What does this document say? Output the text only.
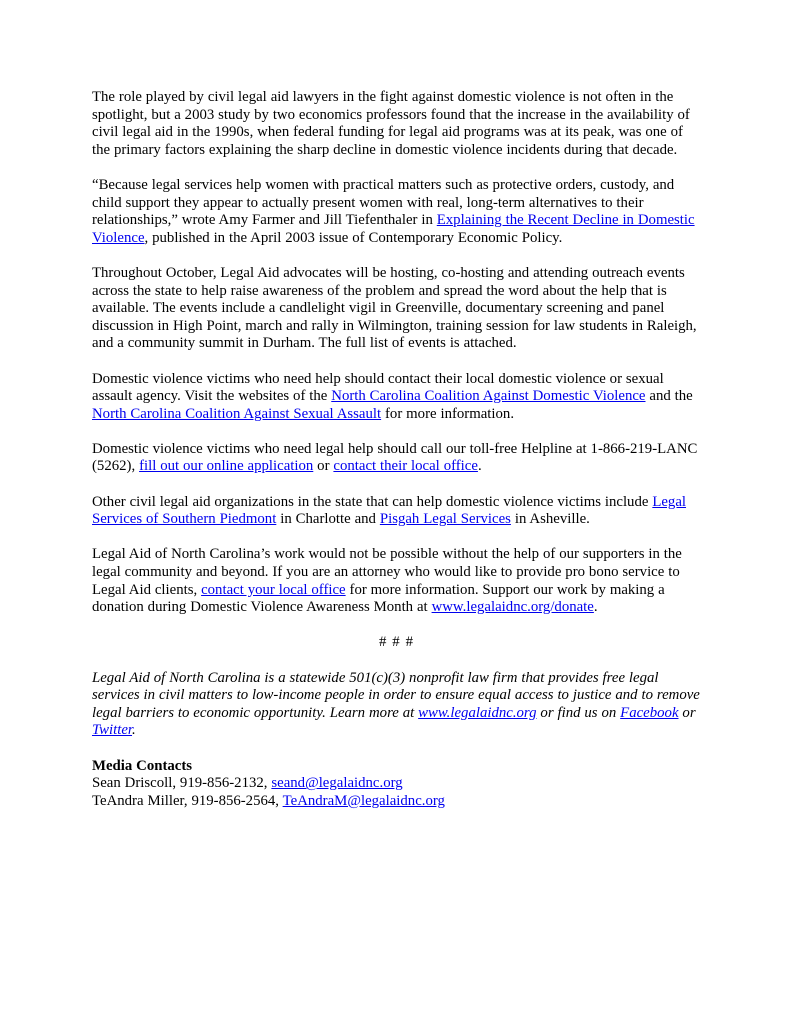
The role played by civil legal aid lawyers in the fight against domestic violence is not often in the spotlight, but a 2003 study by two economics professors found that the increase in the availability of civil legal aid in the 1990s, when federal funding for legal aid programs was at its peak, was one of the primary factors explaining the sharp decline in domestic violence incidents during that decade.

“Because legal services help women with practical matters such as protective orders, custody, and child support they appear to actually present women with real, long-term alternatives to their relationships,” wrote Amy Farmer and Jill Tiefenthaler in Explaining the Recent Decline in Domestic Violence, published in the April 2003 issue of Contemporary Economic Policy.

Throughout October, Legal Aid advocates will be hosting, co-hosting and attending outreach events across the state to help raise awareness of the problem and spread the word about the help that is available. The events include a candlelight vigil in Greenville, documentary screening and panel discussion in High Point, march and rally in Wilmington, training session for law students in Raleigh, and a community summit in Durham. The full list of events is attached.

Domestic violence victims who need help should contact their local domestic violence or sexual assault agency. Visit the websites of the North Carolina Coalition Against Domestic Violence and the North Carolina Coalition Against Sexual Assault for more information.

Domestic violence victims who need legal help should call our toll-free Helpline at 1-866-219-LANC (5262), fill out our online application or contact their local office.

Other civil legal aid organizations in the state that can help domestic violence victims include Legal Services of Southern Piedmont in Charlotte and Pisgah Legal Services in Asheville.

Legal Aid of North Carolina’s work would not be possible without the help of our supporters in the legal community and beyond. If you are an attorney who would like to provide pro bono service to Legal Aid clients, contact your local office for more information. Support our work by making a donation during Domestic Violence Awareness Month at www.legalaidnc.org/donate.

# # #

Legal Aid of North Carolina is a statewide 501(c)(3) nonprofit law firm that provides free legal services in civil matters to low-income people in order to ensure equal access to justice and to remove legal barriers to economic opportunity. Learn more at www.legalaidnc.org or find us on Facebook or Twitter.

Media Contacts
Sean Driscoll, 919-856-2132, seand@legalaidnc.org
TeAndra Miller, 919-856-2564, TeAndraM@legalaidnc.org
